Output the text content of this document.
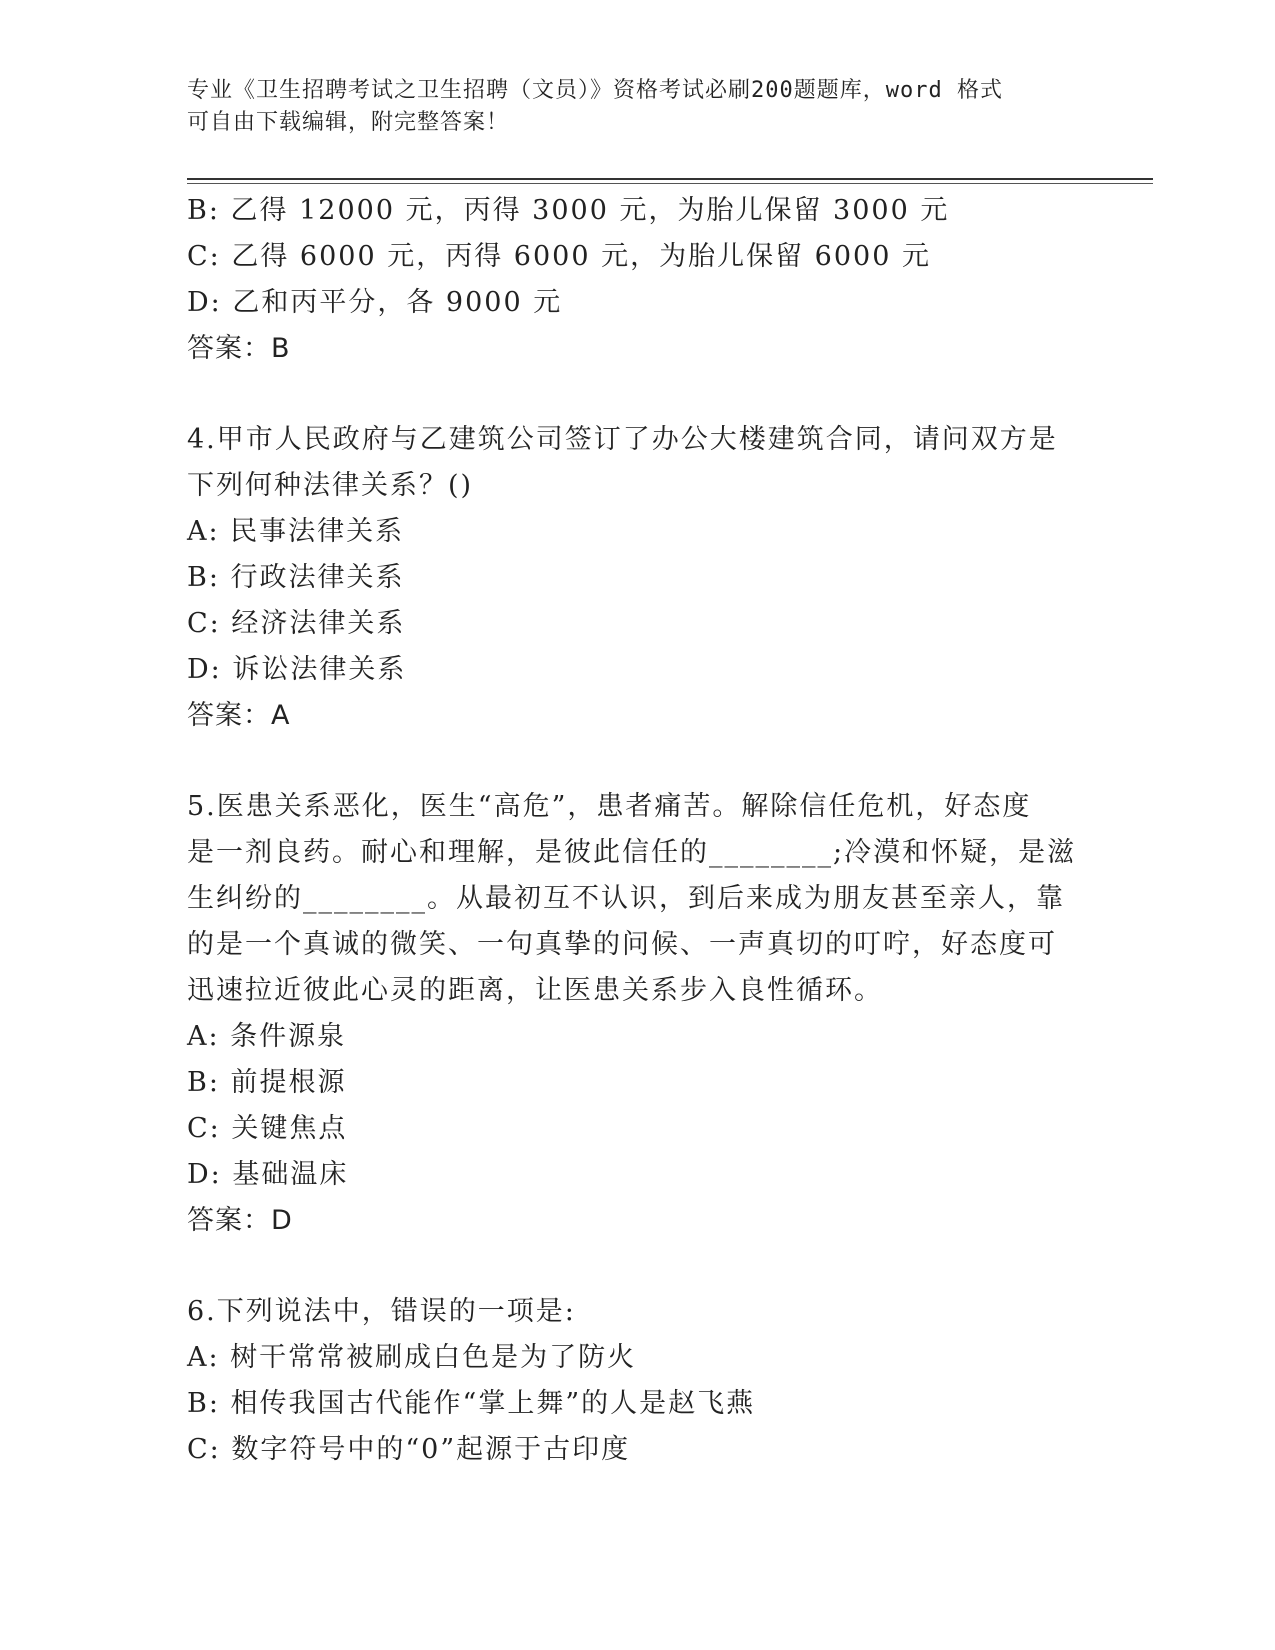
专业《卫生招聘考试之卫生招聘（文员）》资格考试必刷200题题库，word 格式
可自由下载编辑，附完整答案！
B: 乙得 12000 元，丙得 3000 元，为胎儿保留 3000 元
C: 乙得 6000 元，丙得 6000 元，为胎儿保留 6000 元
D: 乙和丙平分，各 9000 元
答案：B
4.甲市人民政府与乙建筑公司签订了办公大楼建筑合同，请问双方是
下列何种法律关系？()
A: 民事法律关系
B: 行政法律关系
C: 经济法律关系
D: 诉讼法律关系
答案：A
5.医患关系恶化，医生“高危”，患者痛苦。解除信任危机，好态度
是一剂良药。耐心和理解，是彼此信任的________;冷漠和怀疑，是滋
生纠纷的________。从最初互不认识，到后来成为朋友甚至亲人，靠
的是一个真诚的微笑、一句真挚的问候、一声真切的叮咛，好态度可
迅速拉近彼此心灵的距离，让医患关系步入良性循环。
A: 条件源泉
B: 前提根源
C: 关键焦点
D: 基础温床
答案：D
6.下列说法中，错误的一项是:
A: 树干常常被刷成白色是为了防火
B: 相传我国古代能作“掌上舞”的人是赵飞燕
C: 数字符号中的“0”起源于古印度
